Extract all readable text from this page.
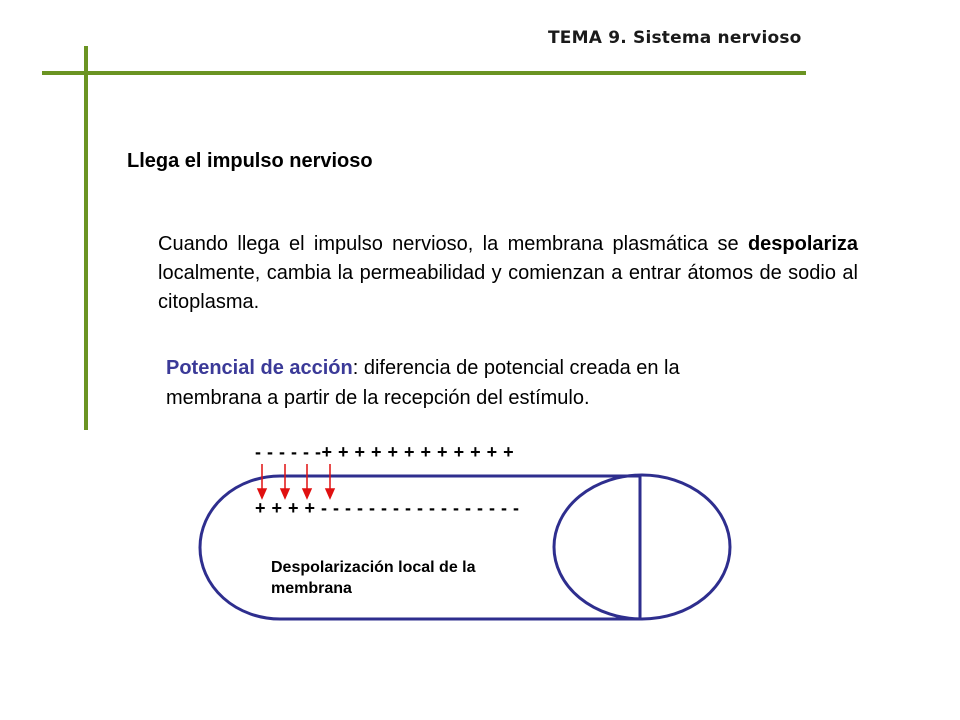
TEMA 9. Sistema nervioso
Llega el impulso nervioso
Cuando llega el impulso nervioso, la membrana plasmática se despolariza localmente, cambia la permeabilidad y comienzan a entrar átomos de sodio al citoplasma.
Potencial de acción: diferencia de potencial creada en la membrana a partir de la recepción del estímulo.
- - - - - -+ + + + + + + + + + + +
+ + + + - - - - - - - - - - - - - - - - -
Despolarización local de la membrana
